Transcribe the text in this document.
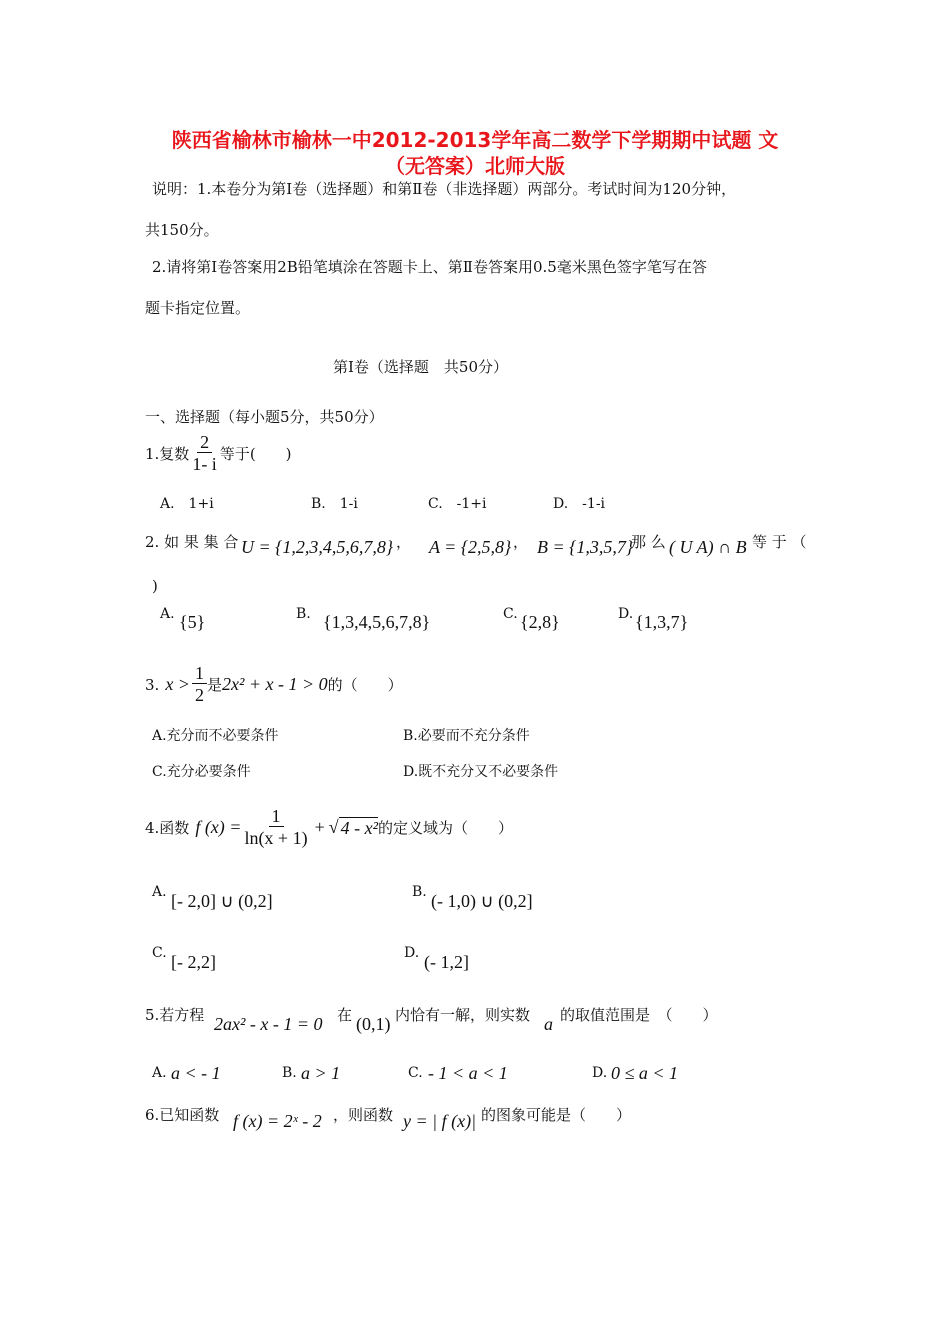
陕西省榆林市榆林一中2012-2013学年高二数学下学期期中试题 文
（无答案）北师大版
说明：1.本卷分为第Ⅰ卷（选择题）和第Ⅱ卷（非选择题）两部分。考试时间为120分钟，
共150分。
2.请将第Ⅰ卷答案用2B铅笔填涂在答题卡上、第Ⅱ卷答案用0.5毫米黑色签字笔写在答
题卡指定位置。
第Ⅰ卷（选择题　共50分）
一、选择题（每小题5分，共50分）
1.复数 $\frac{2}{1- i}$ 等于(　　)
A.　1+i	B.　1-i	C.　-1+i	D.　-1-i
2. 如 果 集 合 U = {1,2,3,4,5,6,7,8} ， A = {2,5,8} ， B = {1,3,5,7}
那 么 ( U A) ∩ B 等 于 （
)
A. {5}	B. {1,3,4,5,6,7,8}	C. {2,8}	D. {1,3,7}
3. $x > \frac{1}{2}$ 是 2x² + x - 1 > 0 的（　　）
A.充分而不必要条件	B.必要而不充分条件
C.充分必要条件	D.既不充分又不必要条件
4.函数 f $(x) = \frac{1}{\ln(x + 1)}$ + √ 4 - x² 的定义域为（　　）
A. [- 2,0] ∪ (0,2]	B. (- 1,0) ∪ (0,2]
C. [- 2,2]	D. (- 1,2]
5.若方程 2ax² - x - 1 = 0 在 (0,1) 内恰有一解，则实数 a 的取值范围是　（　　）
A. a < - 1	B. a > 1	C. - 1 < a < 1	D. 0 ≤ a < 1
6.已知函数 f (x) = 2ˣ - 2 ，则函数 y = | f (x)| 的图象可能是（　　）
